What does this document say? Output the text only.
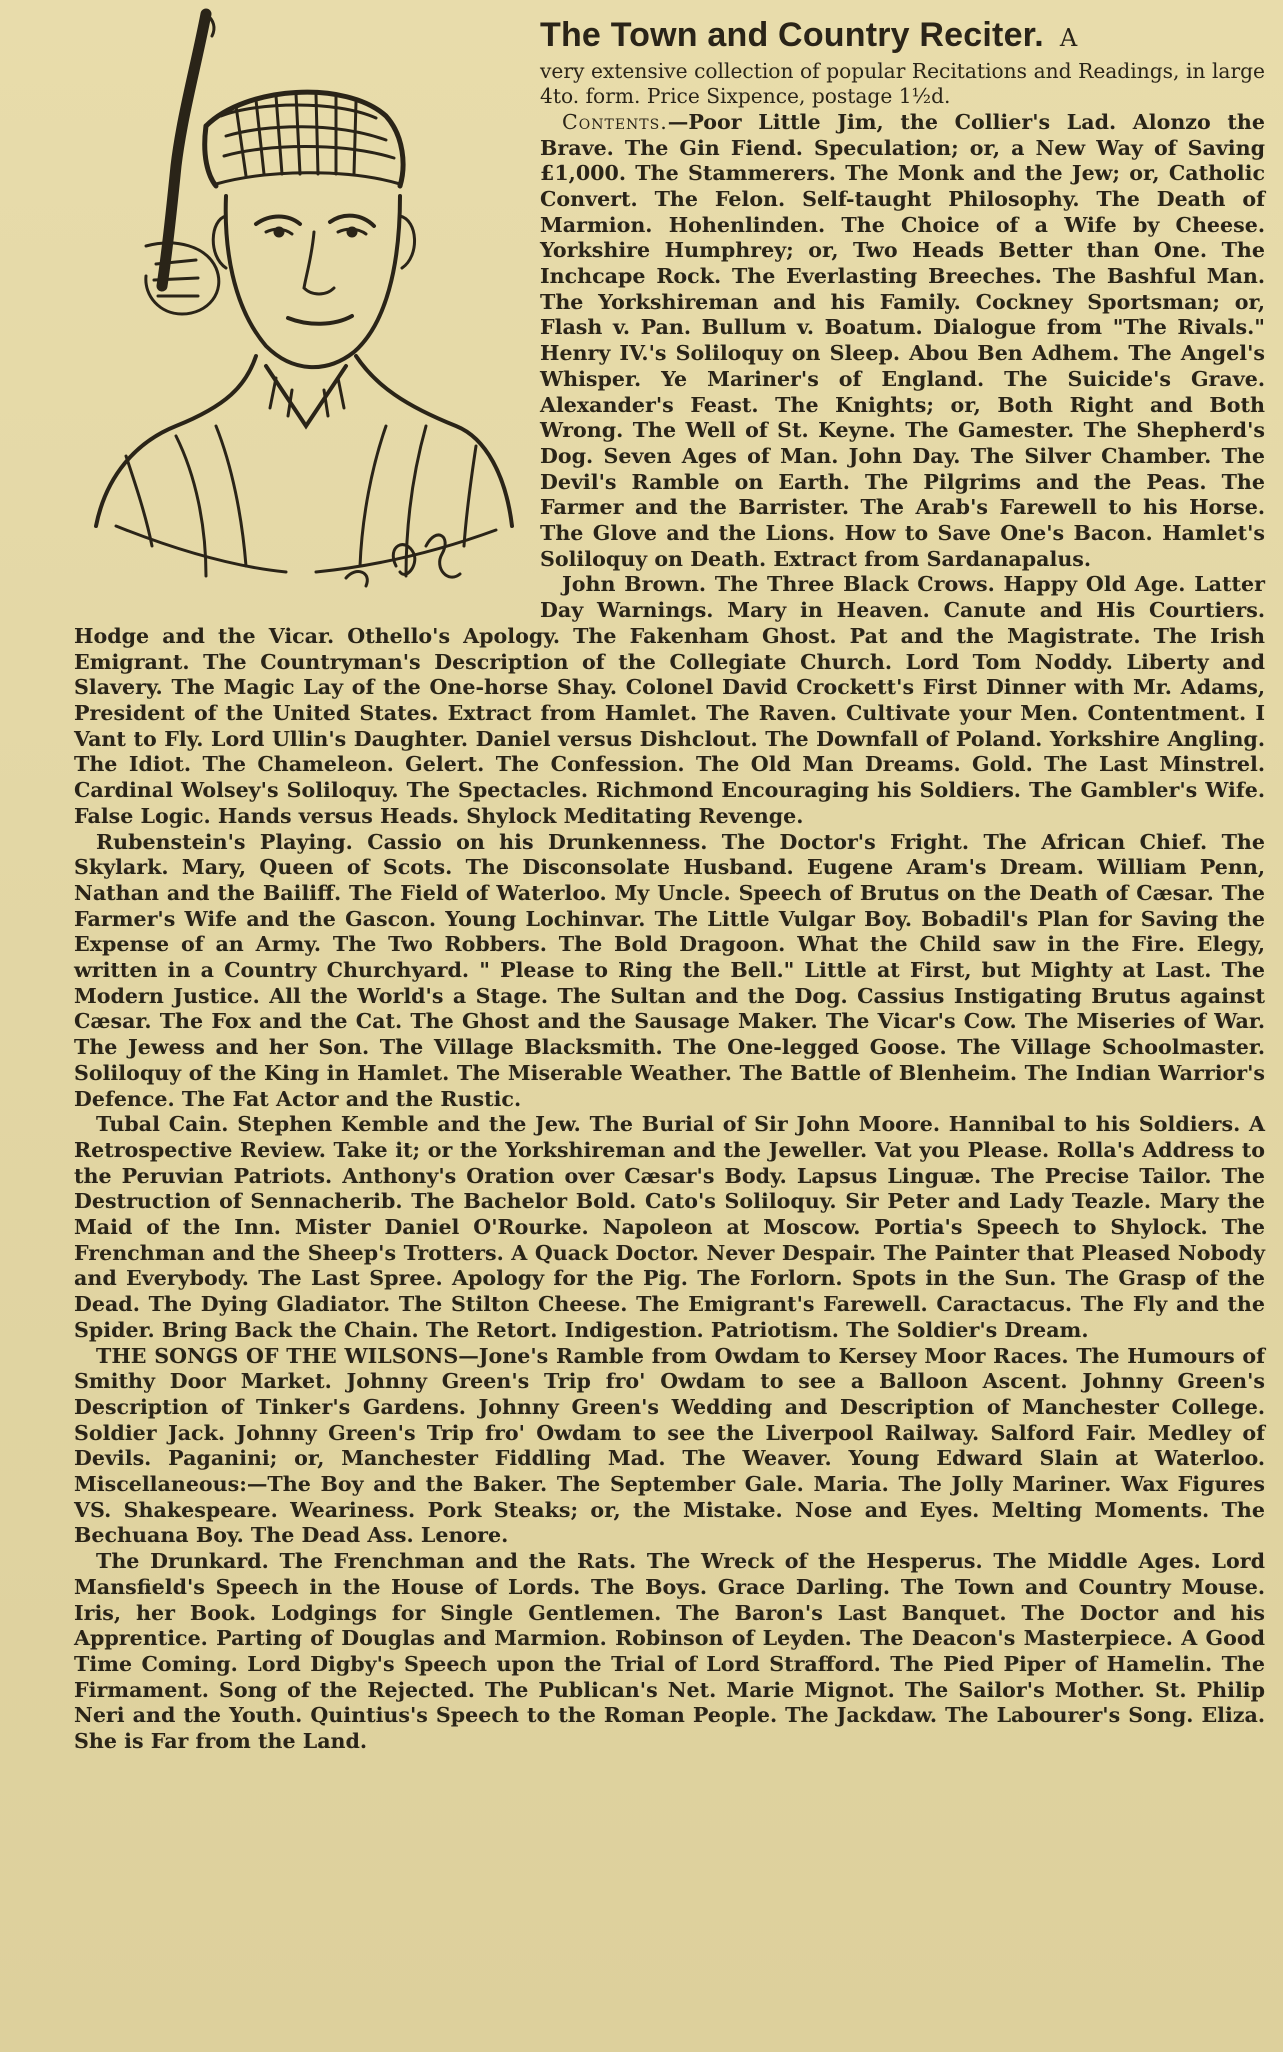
The Town and Country Reciter. A

very extensive collection of popular Recitations and Readings, in large 4to. form. Price Sixpence, postage 1½d.

Contents.—Poor Little Jim, the Collier's Lad. Alonzo the Brave. The Gin Fiend. Speculation; or, a New Way of Saving £1,000. The Stammerers. The Monk and the Jew; or, Catholic Convert. The Felon. Self-taught Philosophy. The Death of Marmion. Hohenlinden. The Choice of a Wife by Cheese. Yorkshire Humphrey; or, Two Heads Better than One. The Inchcape Rock. The Everlasting Breeches. The Bashful Man. The Yorkshireman and his Family. Cockney Sportsman; or, Flash v. Pan. Bullum v. Boatum. Dialogue from "The Rivals." Henry IV.'s Soliloquy on Sleep. Abou Ben Adhem. The Angel's Whisper. Ye Mariner's of England. The Suicide's Grave. Alexander's Feast. The Knights; or, Both Right and Both Wrong. The Well of St. Keyne. The Gamester. The Shepherd's Dog. Seven Ages of Man. John Day. The Silver Chamber. The Devil's Ramble on Earth. The Pilgrims and the Peas. The Farmer and the Barrister. The Arab's Farewell to his Horse. The Glove and the Lions. How to Save One's Bacon. Hamlet's Soliloquy on Death. Extract from Sardanapalus.

John Brown. The Three Black Crows. Happy Old Age. Latter Day Warnings. Mary in Heaven. Canute and His Courtiers. Hodge and the Vicar. Othello's Apology. The Fakenham Ghost. Pat and the Magistrate. The Irish Emigrant. The Countryman's Description of the Collegiate Church. Lord Tom Noddy. Liberty and Slavery. The Magic Lay of the One-horse Shay. Colonel David Crockett's First Dinner with Mr. Adams, President of the United States. Extract from Hamlet. The Raven. Cultivate your Men. Contentment. I Vant to Fly. Lord Ullin's Daughter. Daniel versus Dishclout. The Downfall of Poland. Yorkshire Angling. The Idiot. The Chameleon. Gelert. The Confession. The Old Man Dreams. Gold. The Last Minstrel. Cardinal Wolsey's Soliloquy. The Spectacles. Richmond Encouraging his Soldiers. The Gambler's Wife. False Logic. Hands versus Heads. Shylock Meditating Revenge.

Rubenstein's Playing. Cassio on his Drunkenness. The Doctor's Fright. The African Chief. The Skylark. Mary, Queen of Scots. The Disconsolate Husband. Eugene Aram's Dream. William Penn, Nathan and the Bailiff. The Field of Waterloo. My Uncle. Speech of Brutus on the Death of Cæsar. The Farmer's Wife and the Gascon. Young Lochinvar. The Little Vulgar Boy. Bobadil's Plan for Saving the Expense of an Army. The Two Robbers. The Bold Dragoon. What the Child saw in the Fire. Elegy, written in a Country Churchyard. " Please to Ring the Bell." Little at First, but Mighty at Last. The Modern Justice. All the World's a Stage. The Sultan and the Dog. Cassius Instigating Brutus against Cæsar. The Fox and the Cat. The Ghost and the Sausage Maker. The Vicar's Cow. The Miseries of War. The Jewess and her Son. The Village Blacksmith. The One-legged Goose. The Village Schoolmaster. Soliloquy of the King in Hamlet. The Miserable Weather. The Battle of Blenheim. The Indian Warrior's Defence. The Fat Actor and the Rustic.

Tubal Cain. Stephen Kemble and the Jew. The Burial of Sir John Moore. Hannibal to his Soldiers. A Retrospective Review. Take it; or the Yorkshireman and the Jeweller. Vat you Please. Rolla's Address to the Peruvian Patriots. Anthony's Oration over Cæsar's Body. Lapsus Linguæ. The Precise Tailor. The Destruction of Sennacherib. The Bachelor Bold. Cato's Soliloquy. Sir Peter and Lady Teazle. Mary the Maid of the Inn. Mister Daniel O'Rourke. Napoleon at Moscow. Portia's Speech to Shylock. The Frenchman and the Sheep's Trotters. A Quack Doctor. Never Despair. The Painter that Pleased Nobody and Everybody. The Last Spree. Apology for the Pig. The Forlorn. Spots in the Sun. The Grasp of the Dead. The Dying Gladiator. The Stilton Cheese. The Emigrant's Farewell. Caractacus. The Fly and the Spider. Bring Back the Chain. The Retort. Indigestion. Patriotism. The Soldier's Dream.

THE SONGS OF THE WILSONS—Jone's Ramble from Owdam to Kersey Moor Races. The Humours of Smithy Door Market. Johnny Green's Trip fro' Owdam to see a Balloon Ascent. Johnny Green's Description of Tinker's Gardens. Johnny Green's Wedding and Description of Manchester College. Soldier Jack. Johnny Green's Trip fro' Owdam to see the Liverpool Railway. Salford Fair. Medley of Devils. Paganini; or, Manchester Fiddling Mad. The Weaver. Young Edward Slain at Waterloo. Miscellaneous:—The Boy and the Baker. The September Gale. Maria. The Jolly Mariner. Wax Figures VS. Shakespeare. Weariness. Pork Steaks; or, the Mistake. Nose and Eyes. Melting Moments. The Bechuana Boy. The Dead Ass. Lenore.

The Drunkard. The Frenchman and the Rats. The Wreck of the Hesperus. The Middle Ages. Lord Mansfield's Speech in the House of Lords. The Boys. Grace Darling. The Town and Country Mouse. Iris, her Book. Lodgings for Single Gentlemen. The Baron's Last Banquet. The Doctor and his Apprentice. Parting of Douglas and Marmion. Robinson of Leyden. The Deacon's Masterpiece. A Good Time Coming. Lord Digby's Speech upon the Trial of Lord Strafford. The Pied Piper of Hamelin. The Firmament. Song of the Rejected. The Publican's Net. Marie Mignot. The Sailor's Mother. St. Philip Neri and the Youth. Quintius's Speech to the Roman People. The Jackdaw. The Labourer's Song. Eliza. She is Far from the Land.
